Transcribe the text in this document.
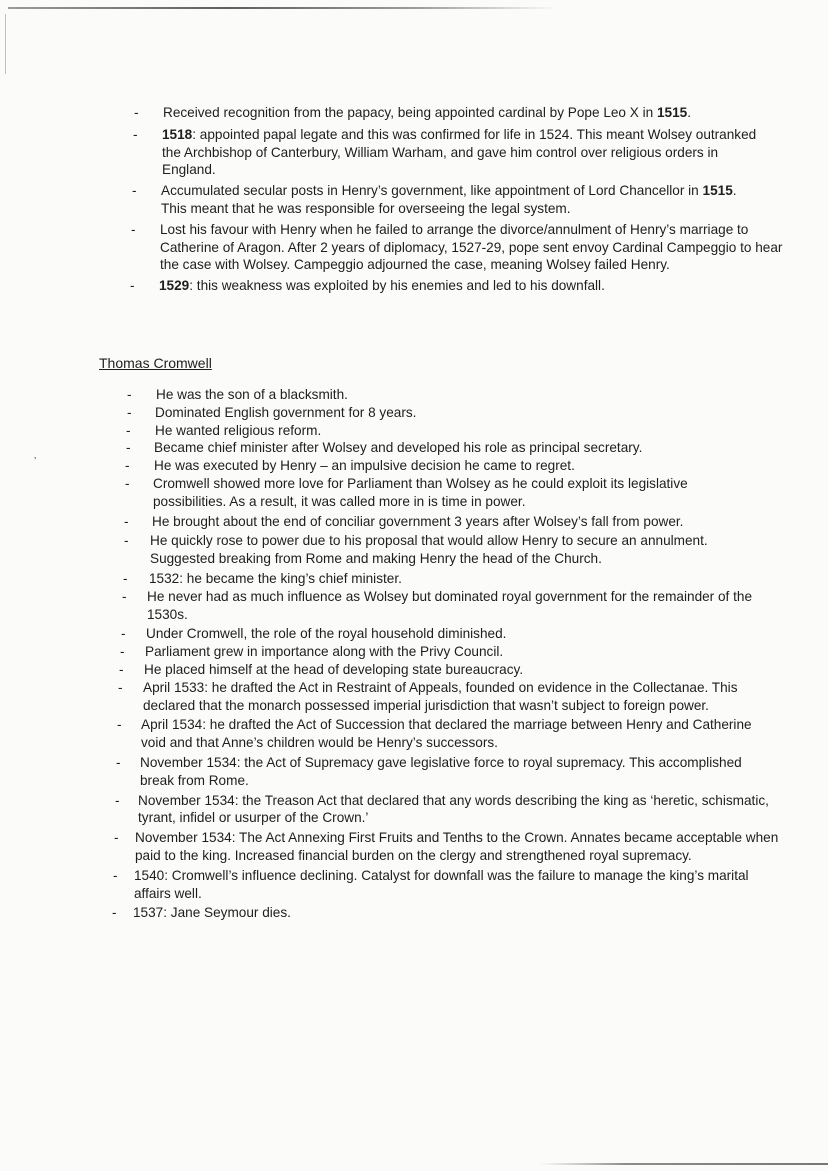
- Received recognition from the papacy, being appointed cardinal by Pope Leo X in 1515.
- 1518: appointed papal legate and this was confirmed for life in 1524. This meant Wolsey outranked the Archbishop of Canterbury, William Warham, and gave him control over religious orders in England.
- Accumulated secular posts in Henry’s government, like appointment of Lord Chancellor in 1515. This meant that he was responsible for overseeing the legal system.
- Lost his favour with Henry when he failed to arrange the divorce/annulment of Henry’s marriage to Catherine of Aragon. After 2 years of diplomacy, 1527-29, pope sent envoy Cardinal Campeggio to hear the case with Wolsey. Campeggio adjourned the case, meaning Wolsey failed Henry.
- 1529: this weakness was exploited by his enemies and led to his downfall.
Thomas Cromwell
- He was the son of a blacksmith.
- Dominated English government for 8 years.
- He wanted religious reform.
- Became chief minister after Wolsey and developed his role as principal secretary.
- He was executed by Henry – an impulsive decision he came to regret.
- Cromwell showed more love for Parliament than Wolsey as he could exploit its legislative possibilities. As a result, it was called more in is time in power.
- He brought about the end of conciliar government 3 years after Wolsey’s fall from power.
- He quickly rose to power due to his proposal that would allow Henry to secure an annulment. Suggested breaking from Rome and making Henry the head of the Church.
- 1532: he became the king’s chief minister.
- He never had as much influence as Wolsey but dominated royal government for the remainder of the 1530s.
- Under Cromwell, the role of the royal household diminished.
- Parliament grew in importance along with the Privy Council.
- He placed himself at the head of developing state bureaucracy.
- April 1533: he drafted the Act in Restraint of Appeals, founded on evidence in the Collectanae. This declared that the monarch possessed imperial jurisdiction that wasn’t subject to foreign power.
- April 1534: he drafted the Act of Succession that declared the marriage between Henry and Catherine void and that Anne’s children would be Henry’s successors.
- November 1534: the Act of Supremacy gave legislative force to royal supremacy. This accomplished break from Rome.
- November 1534: the Treason Act that declared that any words describing the king as ‘heretic, schismatic, tyrant, infidel or usurper of the Crown.’
- November 1534: The Act Annexing First Fruits and Tenths to the Crown. Annates became acceptable when paid to the king. Increased financial burden on the clergy and strengthened royal supremacy.
- 1540: Cromwell’s influence declining. Catalyst for downfall was the failure to manage the king’s marital affairs well.
- 1537: Jane Seymour dies.
‚
